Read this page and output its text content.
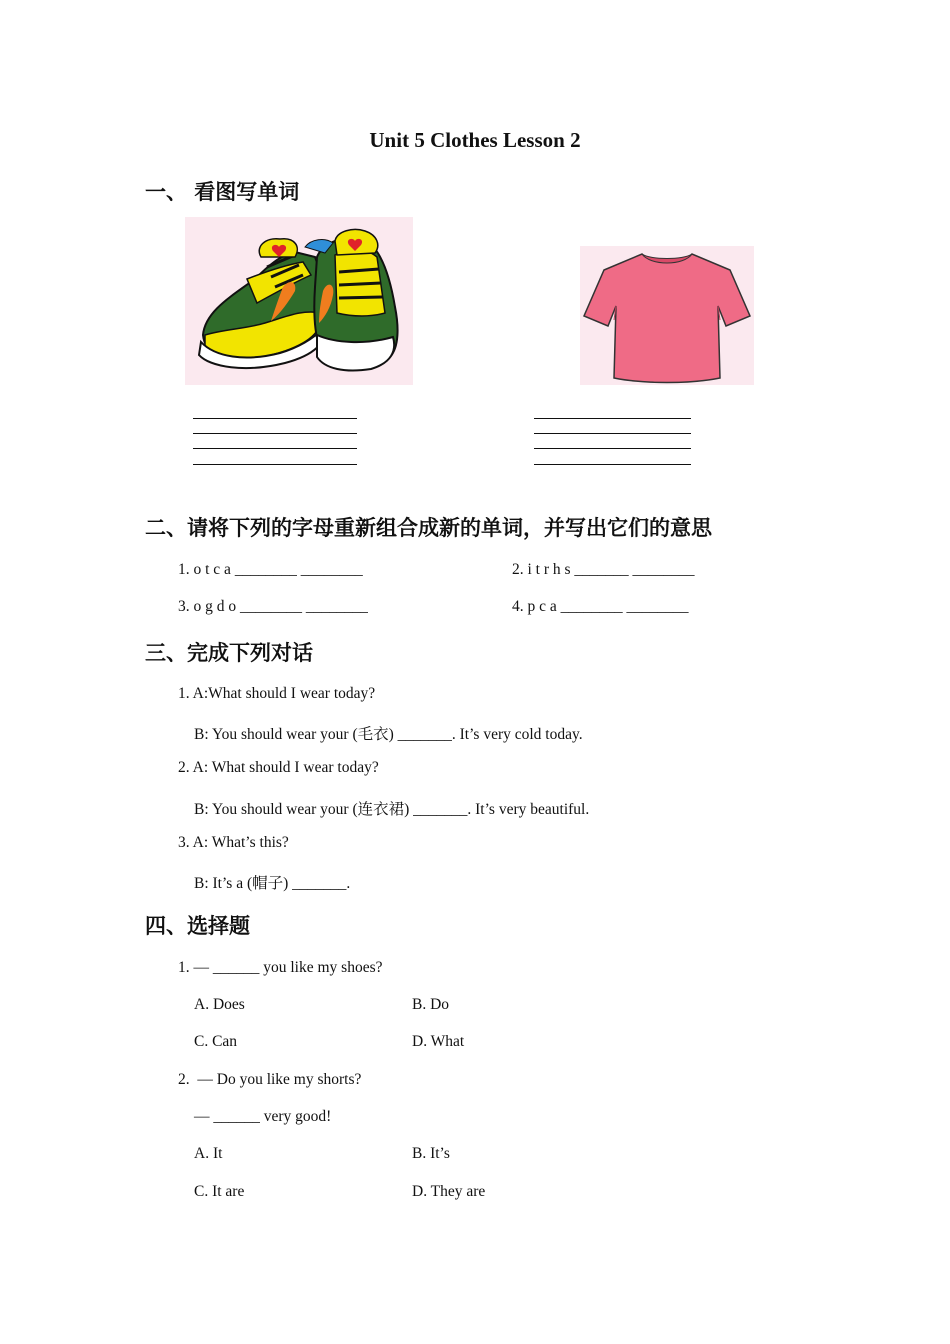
Unit 5 Clothes Lesson 2
一、 看图写单词
二、请将下列的字母重新组合成新的单词，并写出它们的意思
1. o t c a ________ ________	2. i t r h s _______ ________
3. o g d o ________ ________	4. p c a ________ ________
三、完成下列对话
1. A:What should I wear today?
B: You should wear your (毛衣) _______. It’s very cold today.
2. A: What should I wear today?
B: You should wear your (连衣裙) _______. It’s very beautiful.
3. A: What’s this?
B: It’s a (帽子) _______.
四、选择题
1. — ______ you like my shoes?
A. Does	B. Do
C. Can	D. What
2.  — Do you like my shorts?
— ______ very good!
A. It	B. It’s
C. It are	D. They are
